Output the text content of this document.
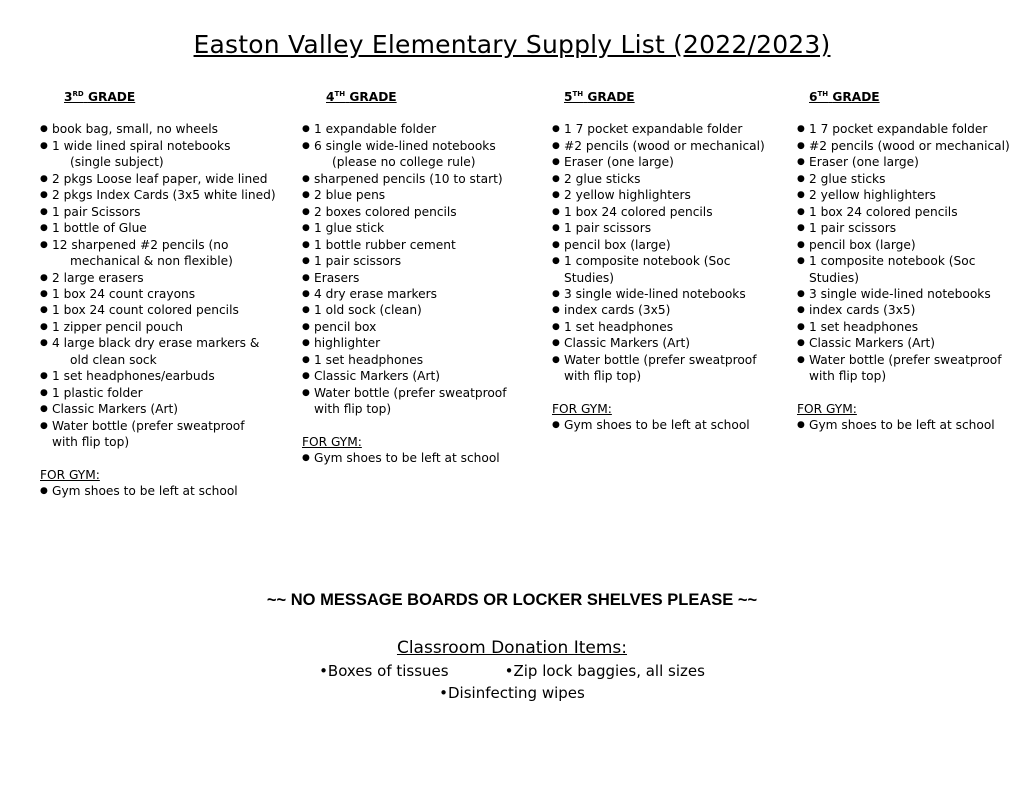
Easton Valley Elementary Supply List (2022/2023)
3RD GRADE
● book bag, small, no wheels
● 1 wide lined spiral notebooks
(single subject)
● 2 pkgs Loose leaf paper, wide lined
● 2 pkgs Index Cards (3x5 white lined)
● 1 pair Scissors
● 1 bottle of Glue
● 12 sharpened #2 pencils (no
mechanical & non flexible)
● 2 large erasers
● 1 box 24 count crayons
● 1 box 24 count colored pencils
● 1 zipper pencil pouch
● 4 large black dry erase markers &
old clean sock
● 1 set headphones/earbuds
● 1 plastic folder
● Classic Markers (Art)
● Water bottle (prefer sweatproof
with flip top)
FOR GYM:
● Gym shoes to be left at school
4TH GRADE
● 1 expandable folder
● 6 single wide-lined notebooks
(please no college rule)
● sharpened pencils (10 to start)
● 2 blue pens
● 2 boxes colored pencils
● 1 glue stick
● 1 bottle rubber cement
● 1 pair scissors
● Erasers
● 4 dry erase markers
● 1 old sock (clean)
● pencil box
● highlighter
● 1 set headphones
● Classic Markers (Art)
● Water bottle (prefer sweatproof
with flip top)
FOR GYM:
● Gym shoes to be left at school
5TH GRADE
● 1 7 pocket expandable folder
● #2 pencils (wood or mechanical)
● Eraser (one large)
● 2 glue sticks
● 2 yellow highlighters
● 1 box 24 colored pencils
● 1 pair scissors
● pencil box (large)
● 1 composite notebook (Soc
Studies)
● 3 single wide-lined notebooks
● index cards (3x5)
● 1 set headphones
● Classic Markers (Art)
● Water bottle (prefer sweatproof
with flip top)
FOR GYM:
● Gym shoes to be left at school
6TH GRADE
● 1 7 pocket expandable folder
● #2 pencils (wood or mechanical)
● Eraser (one large)
● 2 glue sticks
● 2 yellow highlighters
● 1 box 24 colored pencils
● 1 pair scissors
● pencil box (large)
● 1 composite notebook (Soc
Studies)
● 3 single wide-lined notebooks
● index cards (3x5)
● 1 set headphones
● Classic Markers (Art)
● Water bottle (prefer sweatproof
with flip top)
FOR GYM:
● Gym shoes to be left at school
~~ NO MESSAGE BOARDS OR LOCKER SHELVES PLEASE ~~
Classroom Donation Items:
•Boxes of tissues	•Zip lock baggies, all sizes
•Disinfecting wipes
